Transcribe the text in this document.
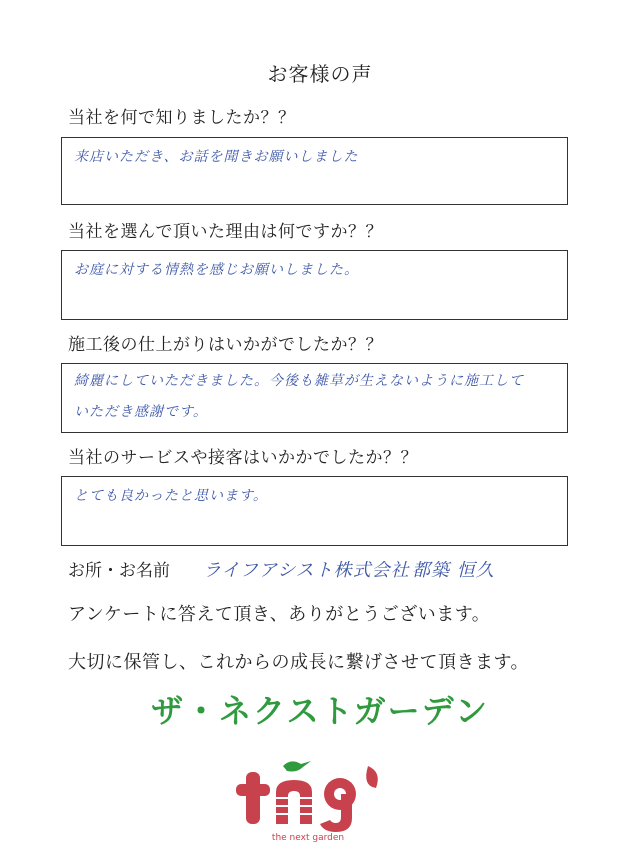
お客様の声
当社を何で知りましたか？？
来店いただき、お話を聞きお願いしました
当社を選んで頂いた理由は何ですか？？
お庭に対する情熱を感じお願いしました。
施工後の仕上がりはいかがでしたか？？
綺麗にしていただきました。今後も雑草が生えないように施工して
いただき感謝です。
当社のサービスや接客はいかかでしたか？？
とても良かったと思います。
お所・お名前 ライフアシスト株式会社 都築 恒久
アンケートに答えて頂き、ありがとうございます。
大切に保管し、これからの成長に繋げさせて頂きます。
ザ・ネクストガーデン
the next garden
